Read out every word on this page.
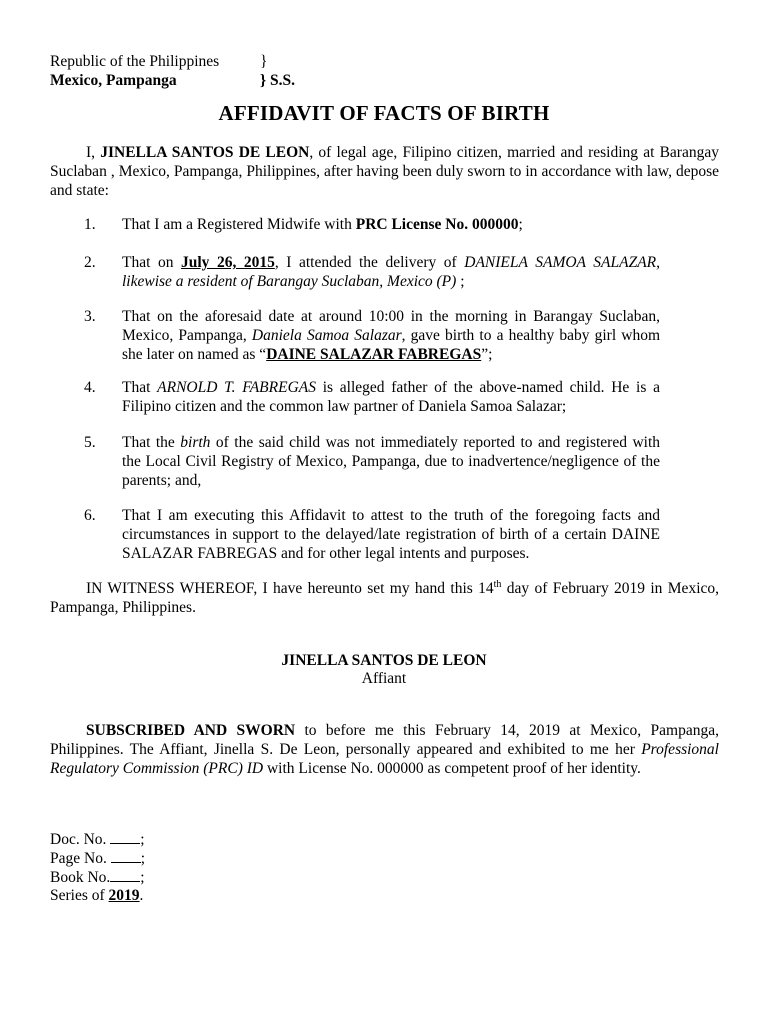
Republic of the Philippines	}
Mexico, Pampanga	} S.S.
AFFIDAVIT OF FACTS OF BIRTH
I, JINELLA SANTOS DE LEON, of legal age, Filipino citizen, married and residing at Barangay Suclaban , Mexico, Pampanga, Philippines, after having been duly sworn to in accordance with law, depose and state:
1.	That I am a Registered Midwife with PRC License No. 000000;
2.	That on July 26, 2015, I attended the delivery of DANIELA SAMOA SALAZAR, likewise a resident of Barangay Suclaban, Mexico (P) ;
3.	That on the aforesaid date at around 10:00 in the morning in Barangay Suclaban, Mexico, Pampanga, Daniela Samoa Salazar, gave birth to a healthy baby girl whom she later on named as “DAINE SALAZAR FABREGAS”;
4.	That ARNOLD T. FABREGAS is alleged father of the above-named child. He is a Filipino citizen and the common law partner of Daniela Samoa Salazar;
5.	That the birth of the said child was not immediately reported to and registered with the Local Civil Registry of Mexico, Pampanga, due to inadvertence/negligence of the parents; and,
6.	That I am executing this Affidavit to attest to the truth of the foregoing facts and circumstances in support to the delayed/late registration of birth of a certain DAINE SALAZAR FABREGAS and for other legal intents and purposes.
IN WITNESS WHEREOF, I have hereunto set my hand this 14th day of February 2019 in Mexico, Pampanga, Philippines.
JINELLA SANTOS DE LEON
Affiant
SUBSCRIBED AND SWORN to before me this February 14, 2019 at Mexico, Pampanga, Philippines. The Affiant, Jinella S. De Leon, personally appeared and exhibited to me her Professional Regulatory Commission (PRC) ID with License No. 000000 as competent proof of her identity.
Doc. No. ;
Page No. ;
Book No. ;
Series of 2019.
